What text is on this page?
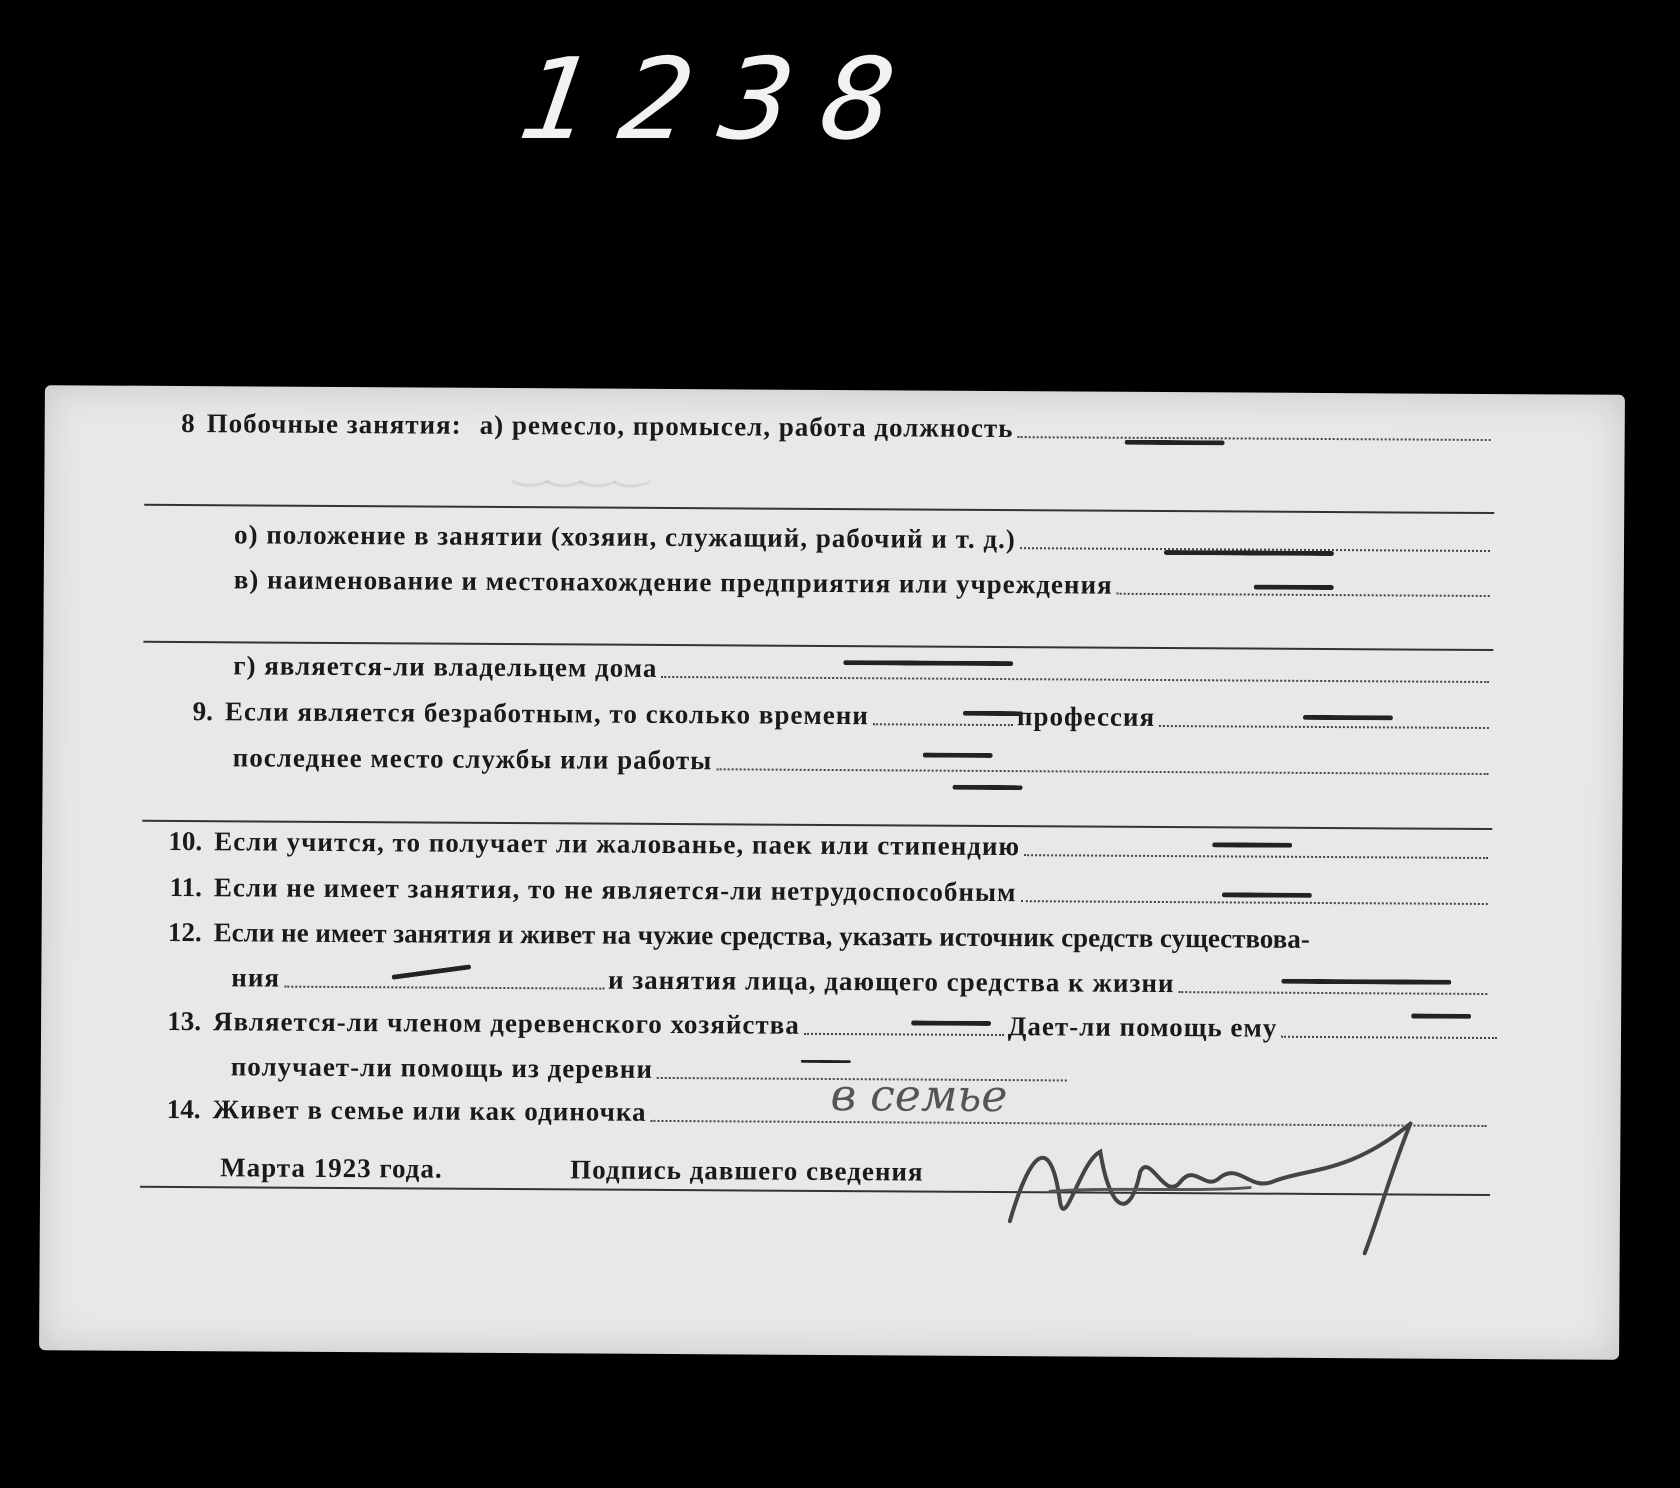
1238
‿‿‿‿
8 Побочные занятия: а) ремесло, промысел, работа должность
о) положение в занятии (хозяин, служащий, рабочий и т. д.)
в) наименование и местонахождение предприятия или учреждения
г) является-ли владельцем дома
9. Если является безработным, то сколько времени	профессия
последнее место службы или работы
10. Если учится, то получает ли жалованье, паек или стипендию
11. Если не имеет занятия, то не является-ли нетрудоспособным
12. Если не имеет занятия и живет на чужие средства, указать источник средств существова-
ния	и занятия лица, дающего средства к жизни
13. Является-ли членом деревенского хозяйства	Дает-ли помощь ему
получает-ли помощь из деревни
14. Живет в семье или как одиночка	в семье
Марта 1923 года.	Подпись давшего сведения
